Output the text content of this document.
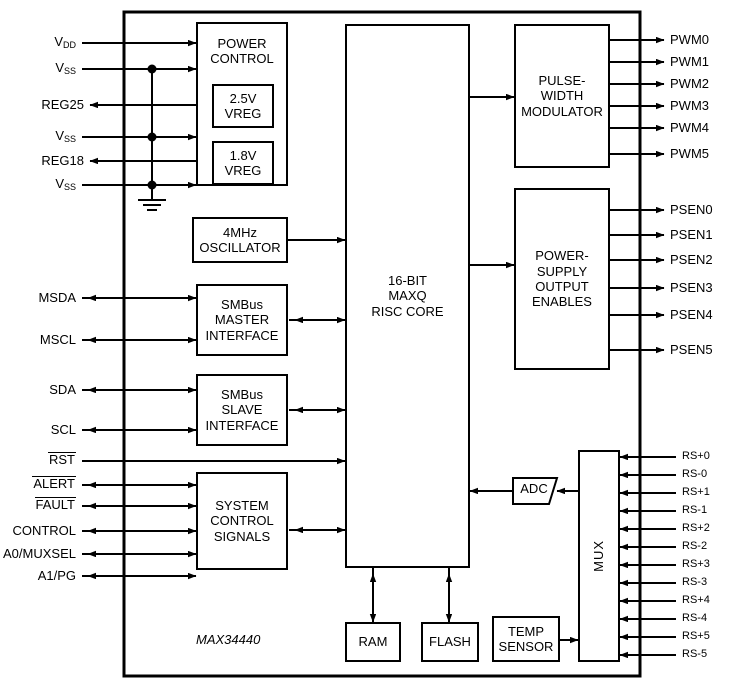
POWER
CONTROL
2.5V
VREG
1.8V
VREG
4MHz
OSCILLATOR
SMBus
MASTER
INTERFACE
SMBus
SLAVE
INTERFACE
SYSTEM
CONTROL
SIGNALS
16-BIT
MAXQ
RISC CORE
PULSE-
WIDTH
MODULATOR
POWER-
SUPPLY
OUTPUT
ENABLES
RAM	FLASH
TEMP
SENSOR
MUX
ADC
MAX34440
$V_{DD}$
$V_{SS}$
REG25
$V_{SS}$
REG18
$V_{SS}$
MSDA
MSCL
SDA
SCL
RST
ALERT
FAULT
CONTROL
A0/MUXSEL
A1/PG
PWM0
PWM1
PWM2
PWM3
PWM4
PWM5
PSEN0
PSEN1
PSEN2
PSEN3
PSEN4
PSEN5
RS+0
RS-0
RS+1
RS-1
RS+2
RS-2
RS+3
RS-3
RS+4
RS-4
RS+5
RS-5
